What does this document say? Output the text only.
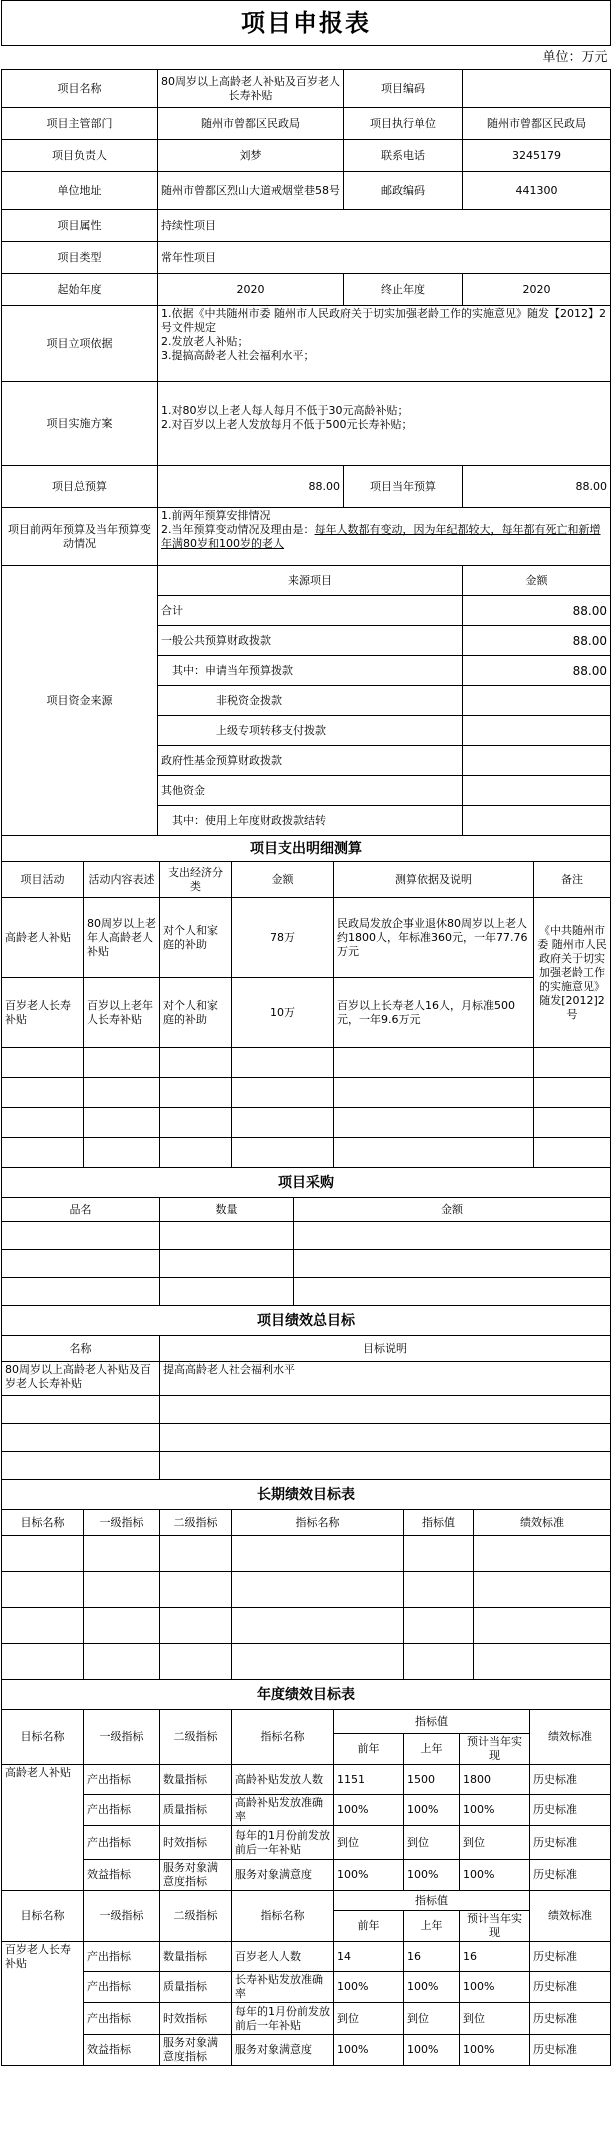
项目申报表			
单位：万元			
项目名称	80周岁以上高龄老人补贴及百岁老人长寿补贴	项目编码	
项目主管部门	随州市曾都区民政局	项目执行单位	随州市曾都区民政局
项目负责人	刘梦	联系电话	3245179
单位地址	随州市曾都区烈山大道戒烟堂巷58号	邮政编码	441300
项目属性	持续性项目		
项目类型	常年性项目		
起始年度	2020	终止年度	2020
项目立项依据	1.依据《中共随州市委 随州市人民政府关于切实加强老龄工作的实施意见》随发【2012】2号文件规定
2.发放老人补贴；
3.提搞高龄老人社会福利水平；		

项目实施方案	1.对80岁以上老人每人每月不低于30元高龄补贴；
2.对百岁以上老人发放每月不低于500元长寿补贴；		

项目总预算	88.00	项目当年预算	88.00
项目前两年预算及当年预算变动情况	1.前两年预算安排情况
2.当年预算变动情况及理由是：每年人数都有变动，因为年纪都较大，每年都有死亡和新增年满80岁和100岁的老人		
项目资金来源	来源项目	金额
	合计	88.00
	一般公共预算财政拨款	88.00
	其中：申请当年预算拨款	88.00
	非税资金拨款	
	上级专项转移支付拨款	
	政府性基金预算财政拨款	
	其他资金	
	其中：使用上年度财政拨款结转	
项目支出明细测算					
项目活动	活动内容表述	支出经济分类	金额	测算依据及说明	备注
高龄老人补贴	80周岁以上老年人高龄老人补贴	对个人和家庭的补助	78万	民政局发放企事业退休80周岁以上老人约1800人，年标准360元，一年77.76万元	《中共随州市委 随州市人民政府关于切实加强老龄工作的实施意见》随发[2012]2号
百岁老人长寿补贴	百岁以上老年人长寿补贴	对个人和家庭的补助	10万	百岁以上长寿老人16人，月标准500元，一年9.6万元	

项目采购		
品名	数量	金额

项目绩效总目标	
名称	目标说明
80周岁以上高龄老人补贴及百岁老人长寿补贴	提高高龄老人社会福利水平

长期绩效目标表					
目标名称	一级指标	二级指标	指标名称	指标值	绩效标准

年度绩效目标表							
目标名称	一级指标	二级指标	指标名称	指标值			绩效标准
				前年	上年	预计当年实现	
高龄老人补贴	产出指标	数量指标	高龄补贴发放人数	1151	1500	1800	历史标准
	产出指标	质量指标	高龄补贴发放准确率	100%	100%	100%	历史标准
	产出指标	时效指标	每年的1月份前发放前后一年补贴	到位	到位	到位	历史标准
	效益指标	服务对象满意度指标	服务对象满意度	100%	100%	100%	历史标准
目标名称	一级指标	二级指标	指标名称	指标值			绩效标准
				前年	上年	预计当年实现	
百岁老人长寿补贴	产出指标	数量指标	百岁老人人数	14	16	16	历史标准
	产出指标	质量指标	长寿补贴发放准确率	100%	100%	100%	历史标准
	产出指标	时效指标	每年的1月份前发放前后一年补贴	到位	到位	到位	历史标准
	效益指标	服务对象满意度指标	服务对象满意度	100%	100%	100%	历史标准
